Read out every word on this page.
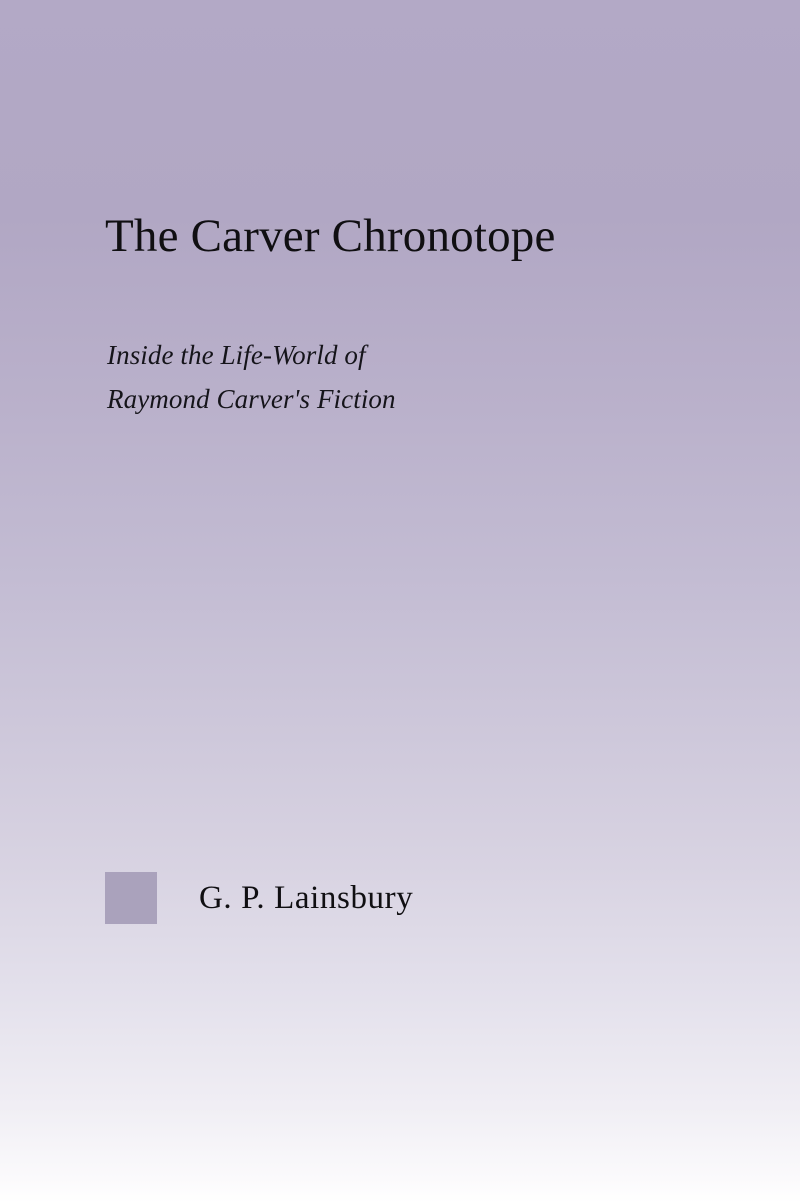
The Carver Chronotope

Inside the Life-World of

Raymond Carver's Fiction

G. P. Lainsbury
